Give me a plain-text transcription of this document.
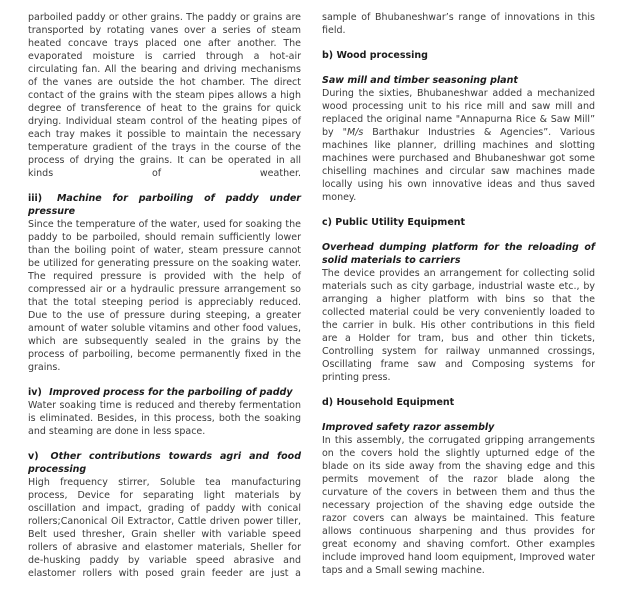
parboiled paddy or other grains. The paddy or grains are transported by rotating vanes over a series of steam heated concave trays placed one after another. The evaporated moisture is carried through a hot-air circulating fan. All the bearing and driving mechanisms of the vanes are outside the hot chamber. The direct contact of the grains with the steam pipes allows a high degree of transference of heat to the grains for quick drying. Individual steam control of the heating pipes of each tray makes it possible to maintain the necessary temperature gradient of the trays in the course of the process of drying the grains. It can be operated in all kinds of weather.

iii) Machine for parboiling of paddy under pressure

Since the temperature of the water, used for soaking the paddy to be parboiled, should remain sufficiently lower than the boiling point of water, steam pressure cannot be utilized for generating pressure on the soaking water. The required pressure is provided with the help of compressed air or a hydraulic pressure arrangement so that the total steeping period is appreciably reduced. Due to the use of pressure during steeping, a greater amount of water soluble vitamins and other food values, which are subsequently sealed in the grains by the process of parboiling, become permanently fixed in the grains.

iv) Improved process for the parboiling of paddy

Water soaking time is reduced and thereby fermentation is eliminated. Besides, in this process, both the soaking and steaming are done in less space.

v) Other contributions towards agri and food processing

High frequency stirrer, Soluble tea manufacturing process, Device for separating light materials by oscillation and impact, grading of paddy with conical rollers;Canonical Oil Extractor, Cattle driven power tiller, Belt used thresher, Grain sheller with variable speed rollers of abrasive and elastomer materials, Sheller for de-husking paddy by variable speed abrasive and elastomer rollers with posed grain feeder are just a

sample of Bhubaneshwar’s range of innovations in this field.

b) Wood processing

Saw mill and timber seasoning plant

During the sixties, Bhubaneshwar added a mechanized wood processing unit to his rice mill and saw mill and replaced the original name "Annapurna Rice & Saw Mill” by "M/s Barthakur Industries & Agencies”. Various machines like planner, drilling machines and slotting machines were purchased and Bhubaneshwar got some chiselling machines and circular saw machines made locally using his own innovative ideas and thus saved money.

c) Public Utility Equipment

Overhead dumping platform for the reloading of solid materials to carriers

The device provides an arrangement for collecting solid materials such as city garbage, industrial waste etc., by arranging a higher platform with bins so that the collected material could be very conveniently loaded to the carrier in bulk. His other contributions in this field are a Holder for tram, bus and other thin tickets, Controlling system for railway unmanned crossings, Oscillating frame saw and Composing systems for printing press.

d) Household Equipment

Improved safety razor assembly

In this assembly, the corrugated gripping arrangements on the covers hold the slightly upturned edge of the blade on its side away from the shaving edge and this permits movement of the razor blade along the curvature of the covers in between them and thus the necessary projection of the shaving edge outside the razor covers can always be maintained. This feature allows continuous sharpening and thus provides for great economy and shaving comfort. Other examples include improved hand loom equipment, Improved water taps and a Small sewing machine.
